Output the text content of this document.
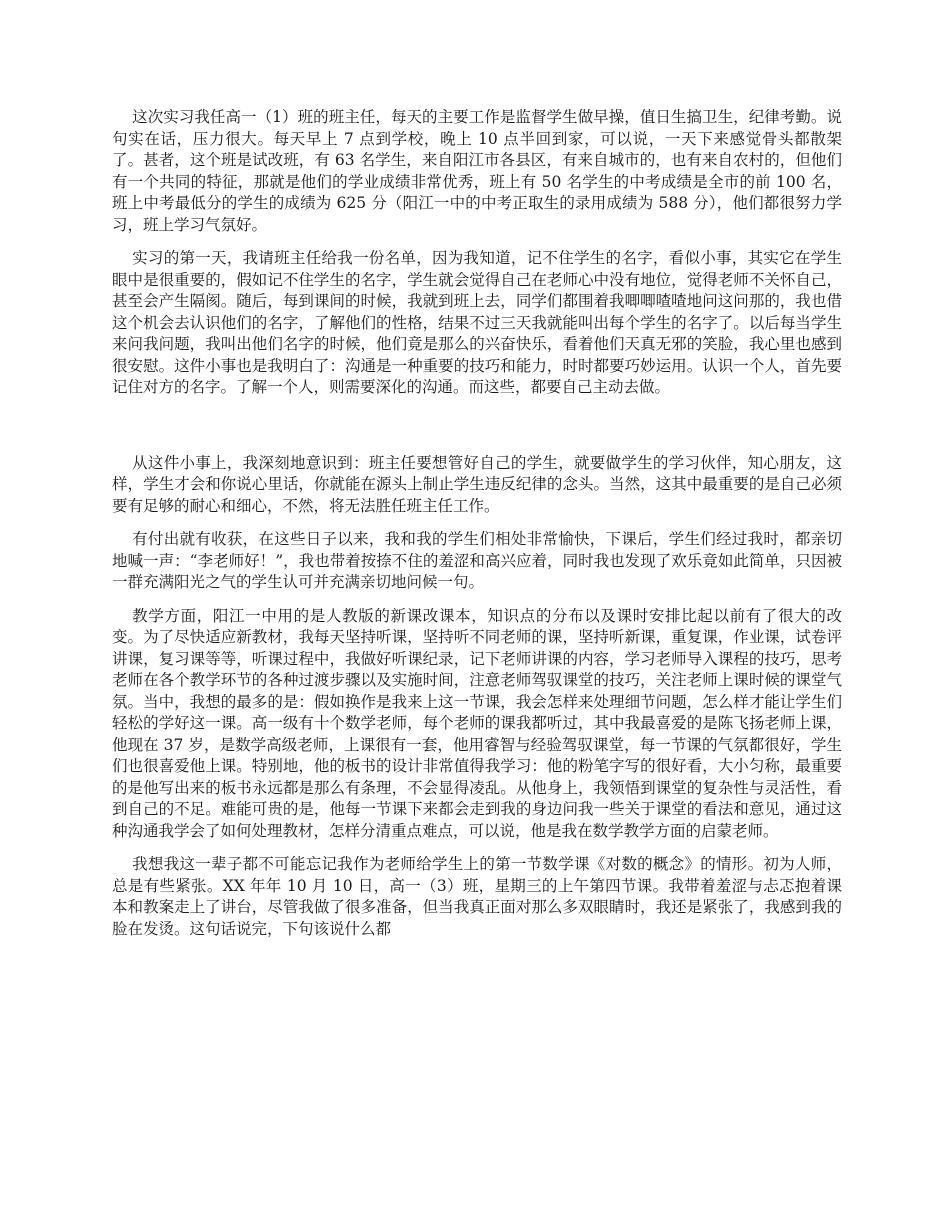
这次实习我任高一（1）班的班主任，每天的主要工作是监督学生做早操，值日生搞卫生，纪律考勤。说句实在话，压力很大。每天早上 7 点到学校，晚上 10 点半回到家，可以说，一天下来感觉骨头都散架了。甚者，这个班是试改班，有 63 名学生，来自阳江市各县区，有来自城市的，也有来自农村的，但他们有一个共同的特征，那就是他们的学业成绩非常优秀，班上有 50 名学生的中考成绩是全市的前 100 名，班上中考最低分的学生的成绩为 625 分（阳江一中的中考正取生的录用成绩为 588 分），他们都很努力学习，班上学习气氛好。

实习的第一天，我请班主任给我一份名单，因为我知道，记不住学生的名字，看似小事，其实它在学生眼中是很重要的，假如记不住学生的名字，学生就会觉得自己在老师心中没有地位，觉得老师不关怀自己，甚至会产生隔阂。随后，每到课间的时候，我就到班上去，同学们都围着我唧唧喳喳地问这问那的，我也借这个机会去认识他们的名字，了解他们的性格，结果不过三天我就能叫出每个学生的名字了。以后每当学生来问我问题，我叫出他们名字的时候，他们竟是那么的兴奋快乐，看着他们天真无邪的笑脸，我心里也感到很安慰。这件小事也是我明白了：沟通是一种重要的技巧和能力，时时都要巧妙运用。认识一个人，首先要记住对方的名字。了解一个人，则需要深化的沟通。而这些，都要自己主动去做。

从这件小事上，我深刻地意识到：班主任要想管好自己的学生，就要做学生的学习伙伴，知心朋友，这样，学生才会和你说心里话，你就能在源头上制止学生违反纪律的念头。当然，这其中最重要的是自己必须要有足够的耐心和细心，不然，将无法胜任班主任工作。

有付出就有收获，在这些日子以来，我和我的学生们相处非常愉快，下课后，学生们经过我时，都亲切地喊一声：“李老师好！”，我也带着按捺不住的羞涩和高兴应着，同时我也发现了欢乐竟如此简单，只因被一群充满阳光之气的学生认可并充满亲切地问候一句。

教学方面，阳江一中用的是人教版的新课改课本，知识点的分布以及课时安排比起以前有了很大的改变。为了尽快适应新教材，我每天坚持听课，坚持听不同老师的课，坚持听新课，重复课，作业课，试卷评讲课，复习课等等，听课过程中，我做好听课纪录，记下老师讲课的内容，学习老师导入课程的技巧，思考老师在各个教学环节的各种过渡步骤以及实施时间，注意老师驾驭课堂的技巧，关注老师上课时候的课堂气氛。当中，我想的最多的是：假如换作是我来上这一节课，我会怎样来处理细节问题，怎么样才能让学生们轻松的学好这一课。高一级有十个数学老师，每个老师的课我都听过，其中我最喜爱的是陈飞扬老师上课，他现在 37 岁，是数学高级老师，上课很有一套，他用睿智与经验驾驭课堂，每一节课的气氛都很好，学生们也很喜爱他上课。特别地，他的板书的设计非常值得我学习：他的粉笔字写的很好看，大小匀称，最重要的是他写出来的板书永远都是那么有条理，不会显得凌乱。从他身上，我领悟到课堂的复杂性与灵活性，看到自己的不足。难能可贵的是，他每一节课下来都会走到我的身边问我一些关于课堂的看法和意见，通过这种沟通我学会了如何处理教材，怎样分清重点难点，可以说，他是我在数学教学方面的启蒙老师。

我想我这一辈子都不可能忘记我作为老师给学生上的第一节数学课《对数的概念》的情形。初为人师，总是有些紧张。XX 年年 10 月 10 日，高一（3）班，星期三的上午第四节课。我带着羞涩与忐忑抱着课本和教案走上了讲台，尽管我做了很多准备，但当我真正面对那么多双眼睛时，我还是紧张了，我感到我的脸在发烫。这句话说完，下句该说什么都
